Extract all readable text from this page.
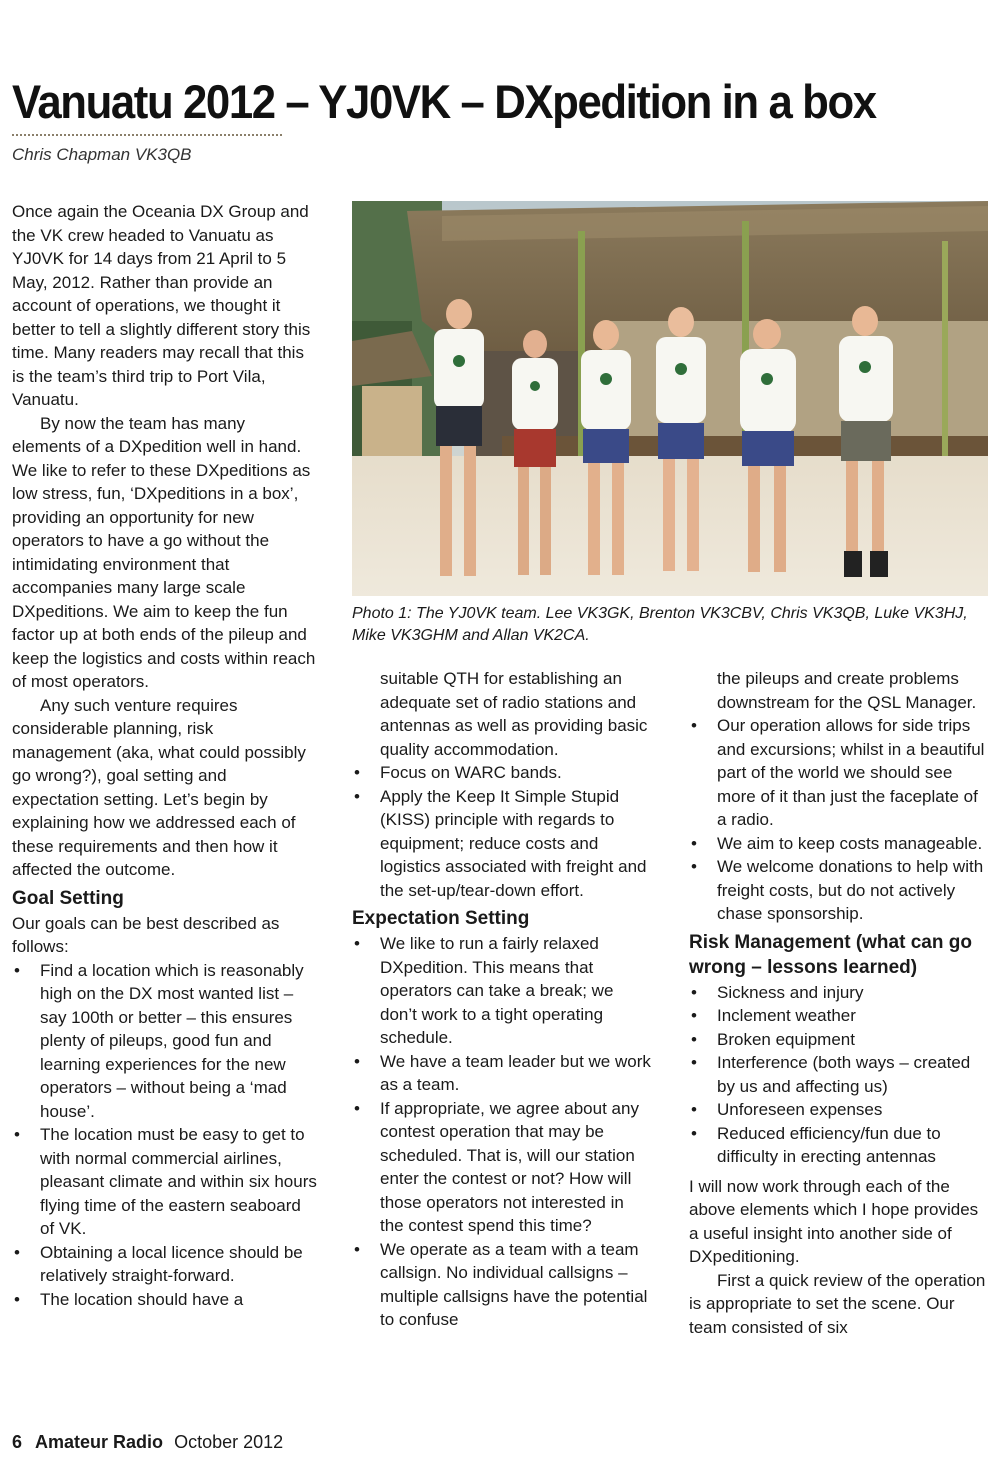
Vanuatu 2012 – YJ0VK – DXpedition in a box
Chris Chapman VK3QB

Once again the Oceania DX Group and the VK crew headed to Vanuatu as YJ0VK for 14 days from 21 April to 5 May, 2012. Rather than provide an account of operations, we thought it better to tell a slightly different story this time. Many readers may recall that this is the team’s third trip to Port Vila, Vanuatu.

By now the team has many elements of a DXpedition well in hand. We like to refer to these DXpeditions as low stress, fun, ‘DXpeditions in a box’, providing an opportunity for new operators to have a go without the intimidating environment that accompanies many large scale DXpeditions. We aim to keep the fun factor up at both ends of the pileup and keep the logistics and costs within reach of most operators.

Any such venture requires considerable planning, risk management (aka, what could possibly go wrong?), goal setting and expectation setting. Let’s begin by explaining how we addressed each of these requirements and then how it affected the outcome.

Goal Setting

Our goals can be best described as follows:

• Find a location which is reasonably high on the DX most wanted list – say 100th or better – this ensures plenty of pileups, good fun and learning experiences for the new operators – without being a ‘mad house’.
• The location must be easy to get to with normal commercial airlines, pleasant climate and within six hours flying time of the eastern seaboard of VK.
• Obtaining a local licence should be relatively straight-forward.
• The location should have a
Photo 1: The YJ0VK team. Lee VK3GK, Brenton VK3CBV, Chris VK3QB, Luke VK3HJ, Mike VK3GHM and Allan VK2CA.

suitable QTH for establishing an adequate set of radio stations and antennas as well as providing basic quality accommodation.

• Focus on WARC bands.
• Apply the Keep It Simple Stupid (KISS) principle with regards to equipment; reduce costs and logistics associated with freight and the set-up/tear-down effort.
Expectation Setting
• We like to run a fairly relaxed DXpedition. This means that operators can take a break; we don’t work to a tight operating schedule.
• We have a team leader but we work as a team.
• If appropriate, we agree about any contest operation that may be scheduled. That is, will our station enter the contest or not? How will those operators not interested in the contest spend this time?
• We operate as a team with a team callsign. No individual callsigns – multiple callsigns have the potential to confuse

the pileups and create problems downstream for the QSL Manager.

• Our operation allows for side trips and excursions; whilst in a beautiful part of the world we should see more of it than just the faceplate of a radio.
• We aim to keep costs manageable.
• We welcome donations to help with freight costs, but do not actively chase sponsorship.
Risk Management (what can go wrong – lessons learned)
• Sickness and injury
• Inclement weather
• Broken equipment
• Interference (both ways – created by us and affecting us)
• Unforeseen expenses
• Reduced efficiency/fun due to difficulty in erecting antennas

I will now work through each of the above elements which I hope provides a useful insight into another side of DXpeditioning.

First a quick review of the operation is appropriate to set the scene. Our team consisted of six

6 Amateur Radio October 2012
